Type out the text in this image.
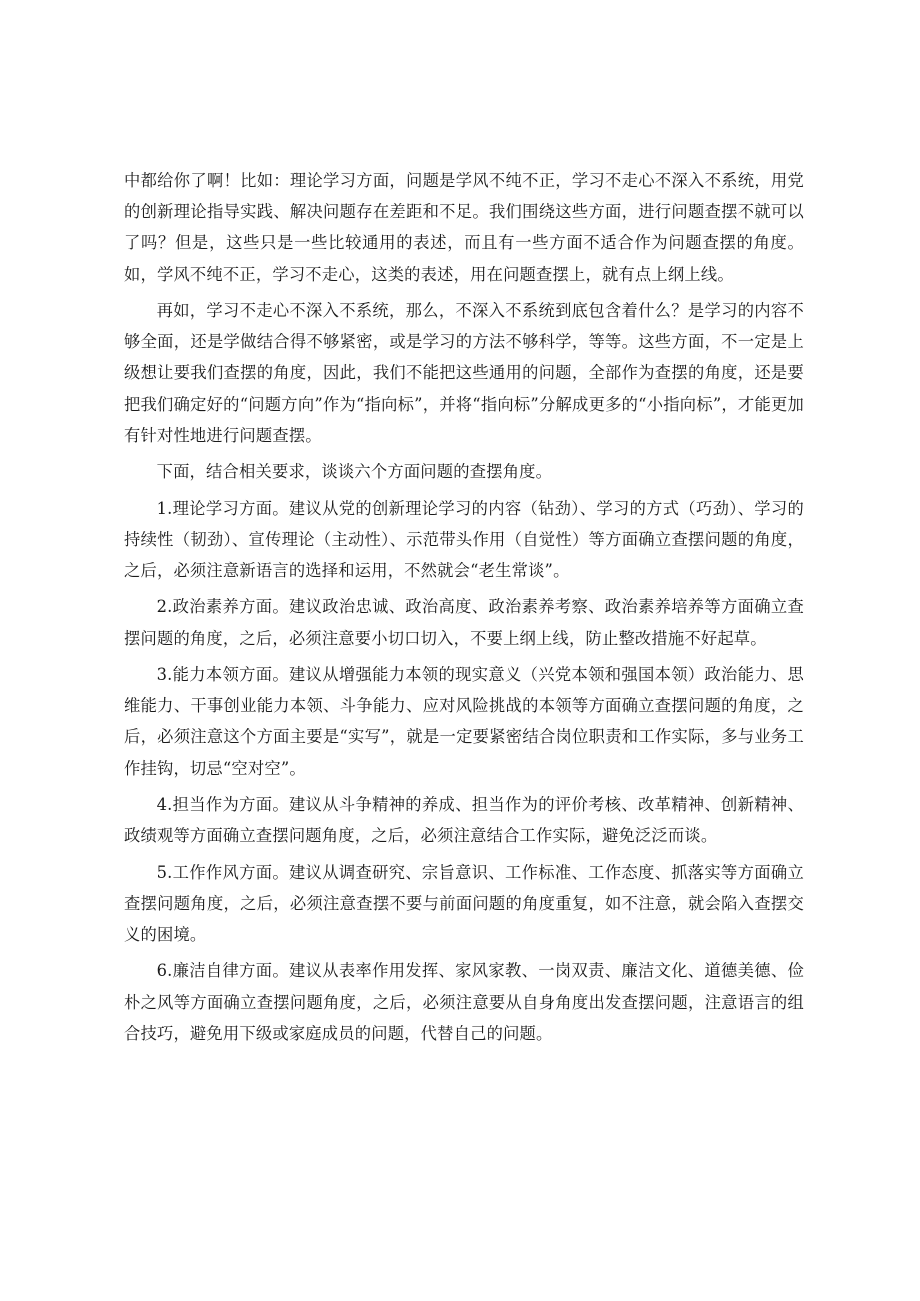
中都给你了啊！比如：理论学习方面，问题是学风不纯不正，学习不走心不深入不系统，用党的创新理论指导实践、解决问题存在差距和不足。我们围绕这些方面，进行问题查摆不就可以了吗？但是，这些只是一些比较通用的表述，而且有一些方面不适合作为问题查摆的角度。如，学风不纯不正，学习不走心，这类的表述，用在问题查摆上，就有点上纲上线。

再如，学习不走心不深入不系统，那么，不深入不系统到底包含着什么？是学习的内容不够全面，还是学做结合得不够紧密，或是学习的方法不够科学，等等。这些方面，不一定是上级想让要我们查摆的角度，因此，我们不能把这些通用的问题，全部作为查摆的角度，还是要把我们确定好的“问题方向”作为“指向标”，并将“指向标”分解成更多的“小指向标”，才能更加有针对性地进行问题查摆。

下面，结合相关要求，谈谈六个方面问题的查摆角度。

1.理论学习方面。建议从党的创新理论学习的内容（钻劲）、学习的方式（巧劲）、学习的持续性（韧劲）、宣传理论（主动性）、示范带头作用（自觉性）等方面确立查摆问题的角度，之后，必须注意新语言的选择和运用，不然就会“老生常谈”。

2.政治素养方面。建议政治忠诚、政治高度、政治素养考察、政治素养培养等方面确立查摆问题的角度，之后，必须注意要小切口切入，不要上纲上线，防止整改措施不好起草。

3.能力本领方面。建议从增强能力本领的现实意义（兴党本领和强国本领）政治能力、思维能力、干事创业能力本领、斗争能力、应对风险挑战的本领等方面确立查摆问题的角度，之后，必须注意这个方面主要是“实写”，就是一定要紧密结合岗位职责和工作实际，多与业务工作挂钩，切忌“空对空”。

4.担当作为方面。建议从斗争精神的养成、担当作为的评价考核、改革精神、创新精神、政绩观等方面确立查摆问题角度，之后，必须注意结合工作实际，避免泛泛而谈。

5.工作作风方面。建议从调查研究、宗旨意识、工作标准、工作态度、抓落实等方面确立查摆问题角度，之后，必须注意查摆不要与前面问题的角度重复，如不注意，就会陷入查摆交义的困境。

6.廉洁自律方面。建议从表率作用发挥、家风家教、一岗双责、廉洁文化、道德美德、俭朴之风等方面确立查摆问题角度，之后，必须注意要从自身角度出发查摆问题，注意语言的组合技巧，避免用下级或家庭成员的问题，代替自己的问题。
